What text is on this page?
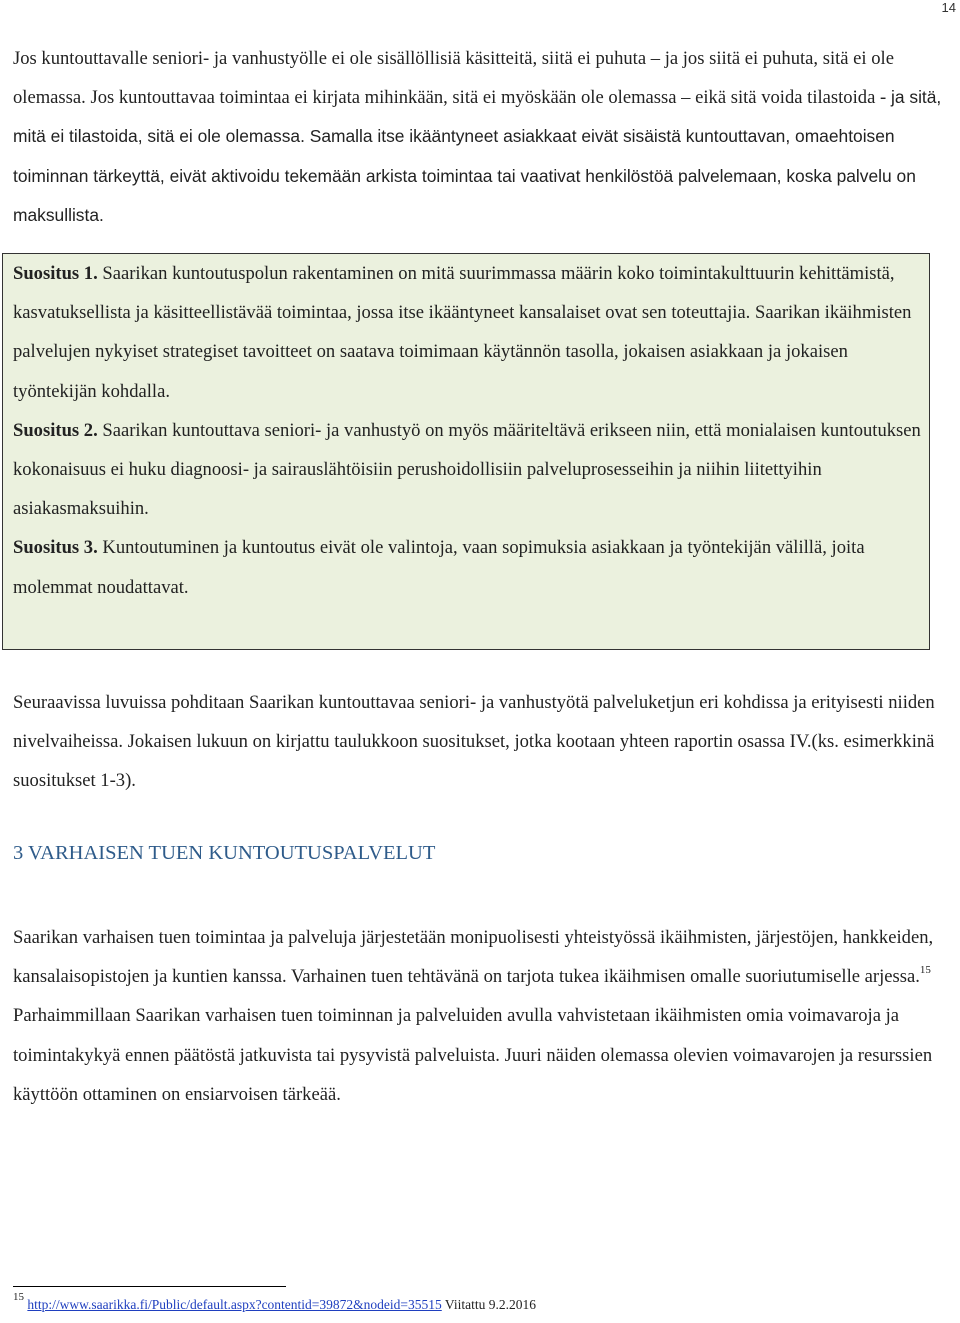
14

Jos kuntouttavalle seniori- ja vanhustyölle ei ole sisällöllisiä käsitteitä, siitä ei puhuta – ja jos siitä ei puhuta, sitä ei ole olemassa. Jos kuntouttavaa toimintaa ei kirjata mihinkään, sitä ei myöskään ole olemassa – eikä sitä voida tilastoida - ja sitä, mitä ei tilastoida, sitä ei ole olemassa. Samalla itse ikääntyneet asiakkaat eivät sisäistä kuntouttavan, omaehtoisen toiminnan tärkeyttä, eivät aktivoidu tekemään arkista toimintaa tai vaativat henkilöstöä palvelemaan, koska palvelu on maksullista.

Suositus 1. Saarikan kuntoutuspolun rakentaminen on mitä suurimmassa määrin koko toimintakulttuurin kehittämistä, kasvatuksellista ja käsitteellistävää toimintaa, jossa itse ikääntyneet kansalaiset ovat sen toteuttajia. Saarikan ikäihmisten palvelujen nykyiset strategiset tavoitteet on saatava toimimaan käytännön tasolla, jokaisen asiakkaan ja jokaisen työntekijän kohdalla.

Suositus 2. Saarikan kuntouttava seniori- ja vanhustyö on myös määriteltävä erikseen niin, että monialaisen kuntoutuksen kokonaisuus ei huku diagnoosi- ja sairauslähtöisiin perushoidollisiin palveluprosesseihin ja niihin liitettyihin asiakasmaksuihin.

Suositus 3. Kuntoutuminen ja kuntoutus eivät ole valintoja, vaan sopimuksia asiakkaan ja työntekijän välillä, joita molemmat noudattavat.

Seuraavissa luvuissa pohditaan Saarikan kuntouttavaa seniori- ja vanhustyötä palveluketjun eri kohdissa ja erityisesti niiden nivelvaiheissa. Jokaisen lukuun on kirjattu taulukkoon suositukset, jotka kootaan yhteen raportin osassa IV.(ks. esimerkkinä suositukset 1-3).

3 VARHAISEN TUEN KUNTOUTUSPALVELUT

Saarikan varhaisen tuen toimintaa ja palveluja järjestetään monipuolisesti yhteistyössä ikäihmisten, järjestöjen, hankkeiden, kansalaisopistojen ja kuntien kanssa. Varhainen tuen tehtävänä on tarjota tukea ikäihmisen omalle suoriutumiselle arjessa.$^{15}$ Parhaimmillaan Saarikan varhaisen tuen toiminnan ja palveluiden avulla vahvistetaan ikäihmisten omia voimavaroja ja toimintakykyä ennen päätöstä jatkuvista tai pysyvistä palveluista. Juuri näiden olemassa olevien voimavarojen ja resurssien käyttöön ottaminen on ensiarvoisen tärkeää.

$^{15}$ http://www.saarikka.fi/Public/default.aspx?contentid=39872&nodeid=35515 Viitattu 9.2.2016
